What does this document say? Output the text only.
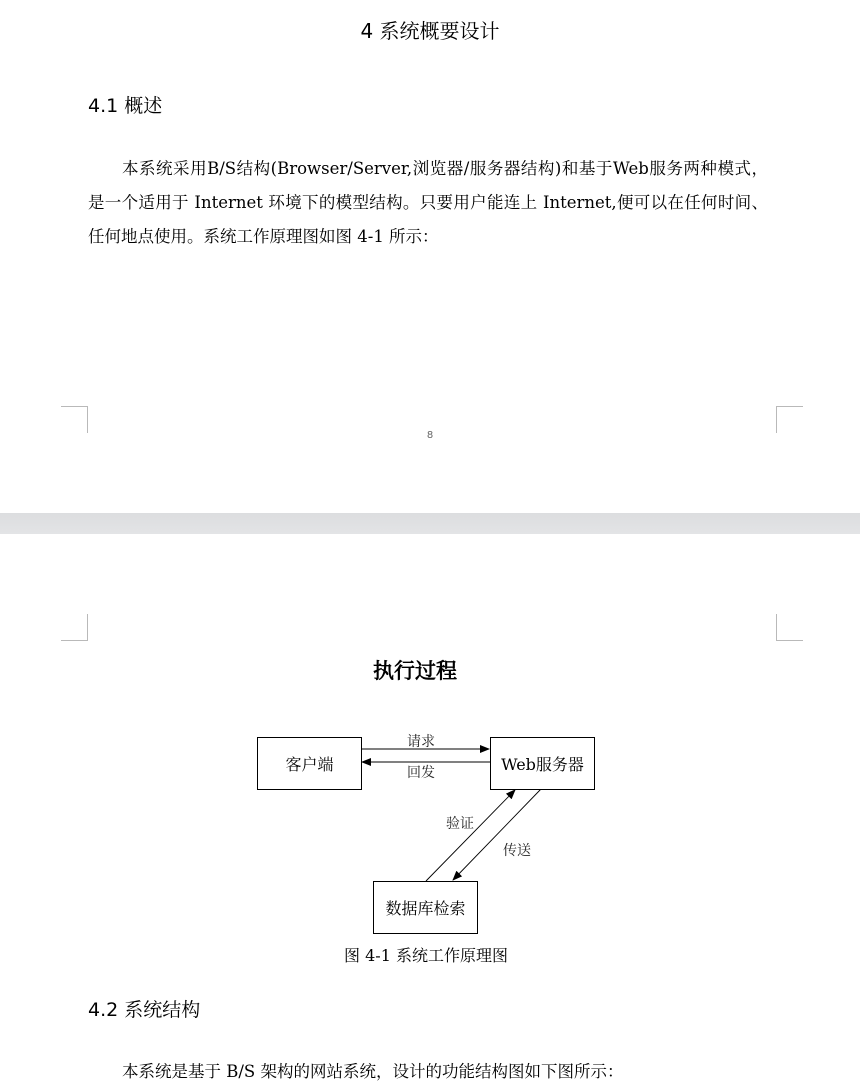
4 系统概要设计
4.1 概述
本系统采用B/S结构(Browser/Server,浏览器/服务器结构)和基于Web服务两种模式，是一个适用于 Internet 环境下的模型结构。只要用户能连上 Internet,便可以在任何时间、任何地点使用。系统工作原理图如图 4-1 所示：
8
执行过程
客户端	Web服务器
数据库检索
请求
回发
验证
传送
图 4-1 系统工作原理图
4.2 系统结构
本系统是基于 B/S 架构的网站系统，设计的功能结构图如下图所示：
